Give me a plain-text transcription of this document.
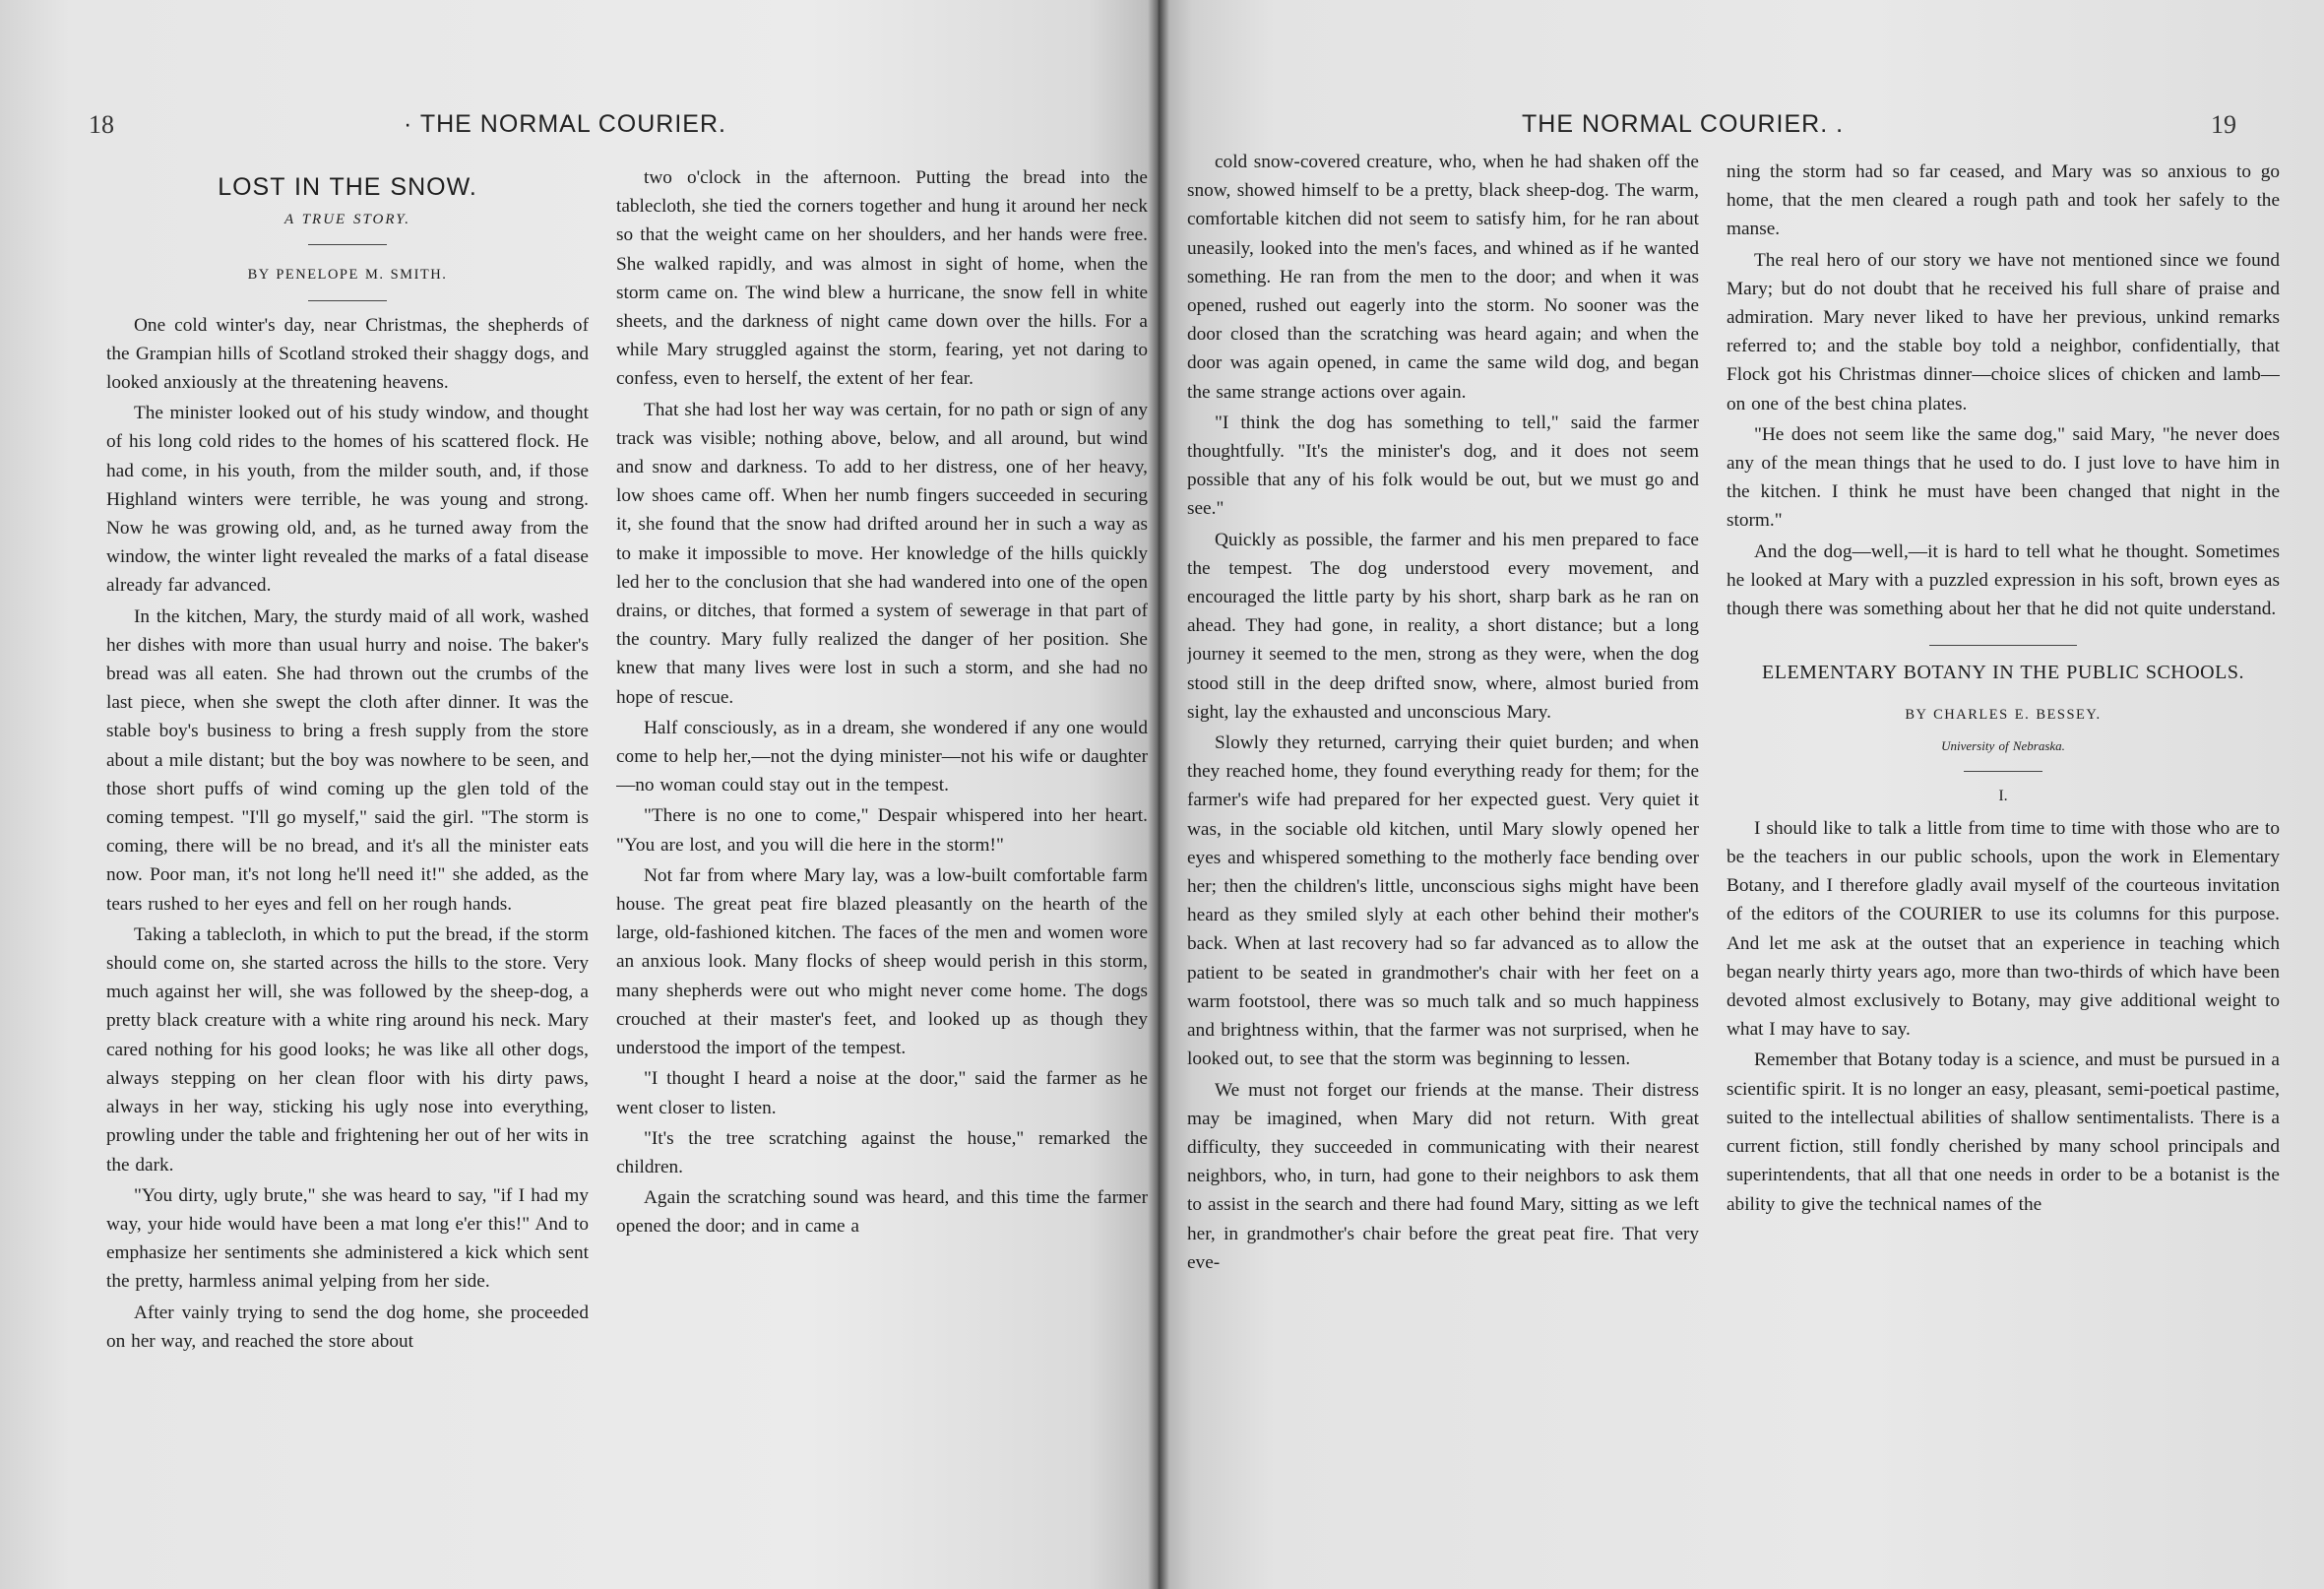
18	· THE NORMAL COURIER.
LOST IN THE SNOW.
A TRUE STORY.
BY PENELOPE M. SMITH.

One cold winter's day, near Christmas, the shepherds of the Grampian hills of Scotland stroked their shaggy dogs, and looked anxiously at the threatening heavens.

The minister looked out of his study window, and thought of his long cold rides to the homes of his scattered flock. He had come, in his youth, from the milder south, and, if those Highland winters were terrible, he was young and strong. Now he was growing old, and, as he turned away from the window, the winter light revealed the marks of a fatal disease already far advanced.

In the kitchen, Mary, the sturdy maid of all work, washed her dishes with more than usual hurry and noise. The baker's bread was all eaten. She had thrown out the crumbs of the last piece, when she swept the cloth after dinner. It was the stable boy's business to bring a fresh supply from the store about a mile distant; but the boy was nowhere to be seen, and those short puffs of wind coming up the glen told of the coming tempest. "I'll go myself," said the girl. "The storm is coming, there will be no bread, and it's all the minister eats now. Poor man, it's not long he'll need it!" she added, as the tears rushed to her eyes and fell on her rough hands.

Taking a tablecloth, in which to put the bread, if the storm should come on, she started across the hills to the store. Very much against her will, she was followed by the sheep-dog, a pretty black creature with a white ring around his neck. Mary cared nothing for his good looks; he was like all other dogs, always stepping on her clean floor with his dirty paws, always in her way, sticking his ugly nose into everything, prowling under the table and frightening her out of her wits in the dark.

"You dirty, ugly brute," she was heard to say, "if I had my way, your hide would have been a mat long e'er this!" And to emphasize her sentiments she administered a kick which sent the pretty, harmless animal yelping from her side.

After vainly trying to send the dog home, she proceeded on her way, and reached the store about

two o'clock in the afternoon. Putting the bread into the tablecloth, she tied the corners together and hung it around her neck so that the weight came on her shoulders, and her hands were free. She walked rapidly, and was almost in sight of home, when the storm came on. The wind blew a hurricane, the snow fell in white sheets, and the darkness of night came down over the hills. For a while Mary struggled against the storm, fearing, yet not daring to confess, even to herself, the extent of her fear.

That she had lost her way was certain, for no path or sign of any track was visible; nothing above, below, and all around, but wind and snow and darkness. To add to her distress, one of her heavy, low shoes came off. When her numb fingers succeeded in securing it, she found that the snow had drifted around her in such a way as to make it impossible to move. Her knowledge of the hills quickly led her to the conclusion that she had wandered into one of the open drains, or ditches, that formed a system of sewerage in that part of the country. Mary fully realized the danger of her position. She knew that many lives were lost in such a storm, and she had no hope of rescue.

Half consciously, as in a dream, she wondered if any one would come to help her,—not the dying minister—not his wife or daughter—no woman could stay out in the tempest.

"There is no one to come," Despair whispered into her heart. "You are lost, and you will die here in the storm!"

Not far from where Mary lay, was a low-built comfortable farm house. The great peat fire blazed pleasantly on the hearth of the large, old-fashioned kitchen. The faces of the men and women wore an anxious look. Many flocks of sheep would perish in this storm, many shepherds were out who might never come home. The dogs crouched at their master's feet, and looked up as though they understood the import of the tempest.

"I thought I heard a noise at the door," said the farmer as he went closer to listen.

"It's the tree scratching against the house," remarked the children.

Again the scratching sound was heard, and this time the farmer opened the door; and in came a

THE NORMAL COURIER. .	19

cold snow-covered creature, who, when he had shaken off the snow, showed himself to be a pretty, black sheep-dog. The warm, comfortable kitchen did not seem to satisfy him, for he ran about uneasily, looked into the men's faces, and whined as if he wanted something. He ran from the men to the door; and when it was opened, rushed out eagerly into the storm. No sooner was the door closed than the scratching was heard again; and when the door was again opened, in came the same wild dog, and began the same strange actions over again.

"I think the dog has something to tell," said the farmer thoughtfully. "It's the minister's dog, and it does not seem possible that any of his folk would be out, but we must go and see."

Quickly as possible, the farmer and his men prepared to face the tempest. The dog understood every movement, and encouraged the little party by his short, sharp bark as he ran on ahead. They had gone, in reality, a short distance; but a long journey it seemed to the men, strong as they were, when the dog stood still in the deep drifted snow, where, almost buried from sight, lay the exhausted and unconscious Mary.

Slowly they returned, carrying their quiet burden; and when they reached home, they found everything ready for them; for the farmer's wife had prepared for her expected guest. Very quiet it was, in the sociable old kitchen, until Mary slowly opened her eyes and whispered something to the motherly face bending over her; then the children's little, unconscious sighs might have been heard as they smiled slyly at each other behind their mother's back. When at last recovery had so far advanced as to allow the patient to be seated in grandmother's chair with her feet on a warm footstool, there was so much talk and so much happiness and brightness within, that the farmer was not surprised, when he looked out, to see that the storm was beginning to lessen.

We must not forget our friends at the manse. Their distress may be imagined, when Mary did not return. With great difficulty, they succeeded in communicating with their nearest neighbors, who, in turn, had gone to their neighbors to ask them to assist in the search and there had found Mary, sitting as we left her, in grandmother's chair before the great peat fire. That very eve-

ning the storm had so far ceased, and Mary was so anxious to go home, that the men cleared a rough path and took her safely to the manse.

The real hero of our story we have not mentioned since we found Mary; but do not doubt that he received his full share of praise and admiration. Mary never liked to have her previous, unkind remarks referred to; and the stable boy told a neighbor, confidentially, that Flock got his Christmas dinner—choice slices of chicken and lamb—on one of the best china plates.

"He does not seem like the same dog," said Mary, "he never does any of the mean things that he used to do. I just love to have him in the kitchen. I think he must have been changed that night in the storm."

And the dog—well,—it is hard to tell what he thought. Sometimes he looked at Mary with a puzzled expression in his soft, brown eyes as though there was something about her that he did not quite understand.

ELEMENTARY BOTANY IN THE PUBLIC SCHOOLS.
BY CHARLES E. BESSEY.
University of Nebraska.
I.

I should like to talk a little from time to time with those who are to be the teachers in our public schools, upon the work in Elementary Botany, and I therefore gladly avail myself of the courteous invitation of the editors of the COURIER to use its columns for this purpose. And let me ask at the outset that an experience in teaching which began nearly thirty years ago, more than two-thirds of which have been devoted almost exclusively to Botany, may give additional weight to what I may have to say.

Remember that Botany today is a science, and must be pursued in a scientific spirit. It is no longer an easy, pleasant, semi-poetical pastime, suited to the intellectual abilities of shallow sentimentalists. There is a current fiction, still fondly cherished by many school principals and superintendents, that all that one needs in order to be a botanist is the ability to give the technical names of the
